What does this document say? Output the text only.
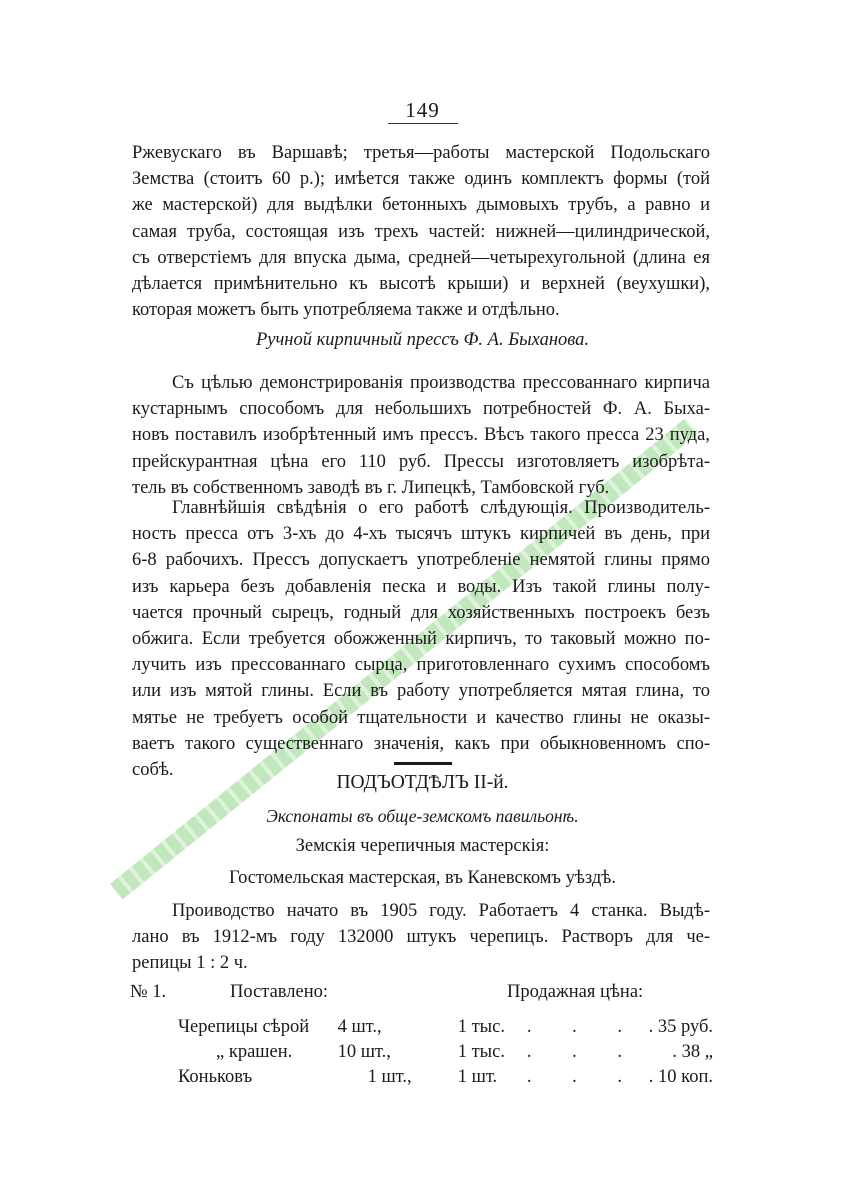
149
Ржевускаго въ Варшавѣ; третья—работы мастерской Подольскаго
Земства (стоитъ 60 р.); имѣется также одинъ комплектъ формы (той
же мастерской) для выдѣлки бетонныхъ дымовыхъ трубъ, а равно и
самая труба, состоящая изъ трехъ частей: нижней—цилиндрической,
съ отверстіемъ для впуска дыма, средней—четырехугольной (длина ея
дѣлается примѣнительно къ высотѣ крыши) и верхней (веухушки),
которая можетъ быть употребляема также и отдѣльно.
Ручной кирпичный прессъ Ф. А. Быханова.
Съ цѣлью демонстрированія производства прессованнаго кирпича
кустарнымъ способомъ для небольшихъ потребностей Ф. А. Быха-
новъ поставилъ изобрѣтенный имъ прессъ. Вѣсъ такого пресса 23 пуда,
прейскурантная цѣна его 110 руб. Прессы изготовляетъ изобрѣта-
тель въ собственномъ заводѣ въ г. Липецкѣ, Тамбовской губ.
Главнѣйшія свѣдѣнія о его работѣ слѣдующія. Производитель-
ность пресса отъ 3-хъ до 4-хъ тысячъ штукъ кирпичей въ день, при
6-8 рабочихъ. Прессъ допускаетъ употребленіе немятой глины прямо
изъ карьера безъ добавленія песка и воды. Изъ такой глины полу-
чается прочный сырецъ, годный для хозяйственныхъ построекъ безъ
обжига. Если требуется обожженный кирпичъ, то таковый можно по-
лучить изъ прессованнаго сырца, приготовленнаго сухимъ способомъ
или изъ мятой глины. Если въ работу употребляется мятая глина, то
мятье не требуетъ особой тщательности и качество глины не оказы-
ваетъ такого существеннаго значенія, какъ при обыкновенномъ спо-
собѣ.
ПОДЪОТДѢЛЪ II-й.
Экспонаты въ обще-земскомъ павильонѣ.
Земскія черепичныя мастерскія:
Гостомельская мастерская, въ Каневскомъ уѣздѣ.
Прoиводство начато въ 1905 году. Работаетъ 4 станка. Выдѣ-
лано въ 1912-мъ году 132000 штукъ черепицъ. Растворъ для че-
репицы 1 : 2 ч.
№ 1.	Поставлено:	Продажная цѣна:
Черепицы сѣрой	4 шт.,	1 тыс.	. . .	. 35 руб.
„ крашен.	10 шт.,	1 тыс.	. . .	. 38 „
Коньковъ	1 шт.,	1 шт.	. . .	. 10 коп.
